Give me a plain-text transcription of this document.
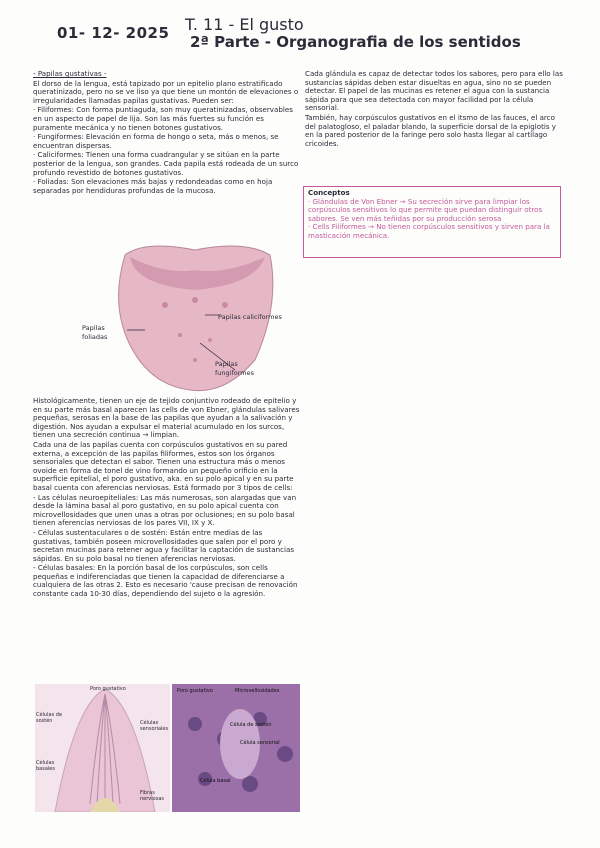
01- 12- 2025 T. 11 - El gusto
2ª Parte - Organografia de los sentidos

- Papilas gustativas -

El dorso de la lengua, está tapizado por un epitelio plano estratificado queratinizado, pero no se ve liso ya que tiene un montón de elevaciones o irregularidades llamadas papilas gustativas. Pueden ser:

· Filiformes: Con forma puntiaguda, son muy queratinizadas, observables en un aspecto de papel de lija. Son las más fuertes su función es puramente mecánica y no tienen botones gustativos.

· Fungiformes: Elevación en forma de hongo o seta, más o menos, se encuentran dispersas.

· Caliciformes: Tienen una forma cuadrangular y se sitúan en la parte posterior de la lengua, son grandes. Cada papila está rodeada de un surco profundo revestido de botones gustativos.

· Foliadas: Son elevaciones más bajas y redondeadas como en hoja separadas por hendiduras profundas de la mucosa.

Cada glándula es capaz de detectar todos los sabores, pero para ello las sustancias sápidas deben estar disueltas en agua, sino no se pueden detectar. El papel de las mucinas es retener el agua con la sustancia sápida para que sea detectada con mayor facilidad por la célula sensorial.

También, hay corpúsculos gustativos en el itsmo de las fauces, el arco del palatogloso, el paladar blando, la superficie dorsal de la epiglotis y en la pared posterior de la faringe pero solo hasta llegar al cartílago cricoides.

Conceptos
· Glándulas de Von Ebner → Su secreción sirve para limpiar los corpúsculos sensitivos lo que permite que puedan distinguir otros sabores. Se ven más teñidas por su producción serosa
· Cells Filiformes → No tienen corpúsculos sensitivos y sirven para la masticación mecánica.
Papilas caliciformes
Papilas foliadas
Papilas fungiformes

Histológicamente, tienen un eje de tejido conjuntivo rodeado de epitelio y en su parte más basal aparecen las cells de von Ebner, glándulas salivares pequeñas, serosas en la base de las papilas que ayudan a la salivación y digestión. Nos ayudan a expulsar el material acumulado en los surcos, tienen una secreción continua → limpian.

Cada una de las papilas cuenta con corpúsculos gustativos en su pared externa, a excepción de las papilas filiformes, estos son los órganos sensoriales que detectan el sabor. Tienen una estructura más o menos ovoide en forma de tonel de vino formando un pequeño orificio en la superficie epitelial, el poro gustativo, aka. en su polo apical y en su parte basal cuenta con aferencias nerviosas. Está formado por 3 tipos de cells:

- Las células neuroepiteliales: Las más numerosas, son alargadas que van desde la lámina basal al poro gustativo, en su polo apical cuenta con microvellosidades que unen unas a otras por oclusiones; en su polo basal tienen aferencias nerviosas de los pares VII, IX y X.

- Células sustentaculares o de sostén: Están entre medias de las gustativas, también poseen microvellosidades que salen por el poro y secretan mucinas para retener agua y facilitar la captación de sustancias sápidas. En su polo basal no tienen aferencias nerviosas.

- Células basales: En la porción basal de los corpúsculos, son cells pequeñas e indiferenciadas que tienen la capacidad de diferenciarse a cualquiera de las otras 2. Esto es necesario 'cause precisan de renovación constante cada 10-30 días, dependiendo del sujeto o la agresión.

Poro gustativo
Células de sostén	Células sensoriales
Células basales
Fibras nerviosas
Poro gustativo	Microvellosidades
Célula de sostén
Célula sensorial
Célula basal
